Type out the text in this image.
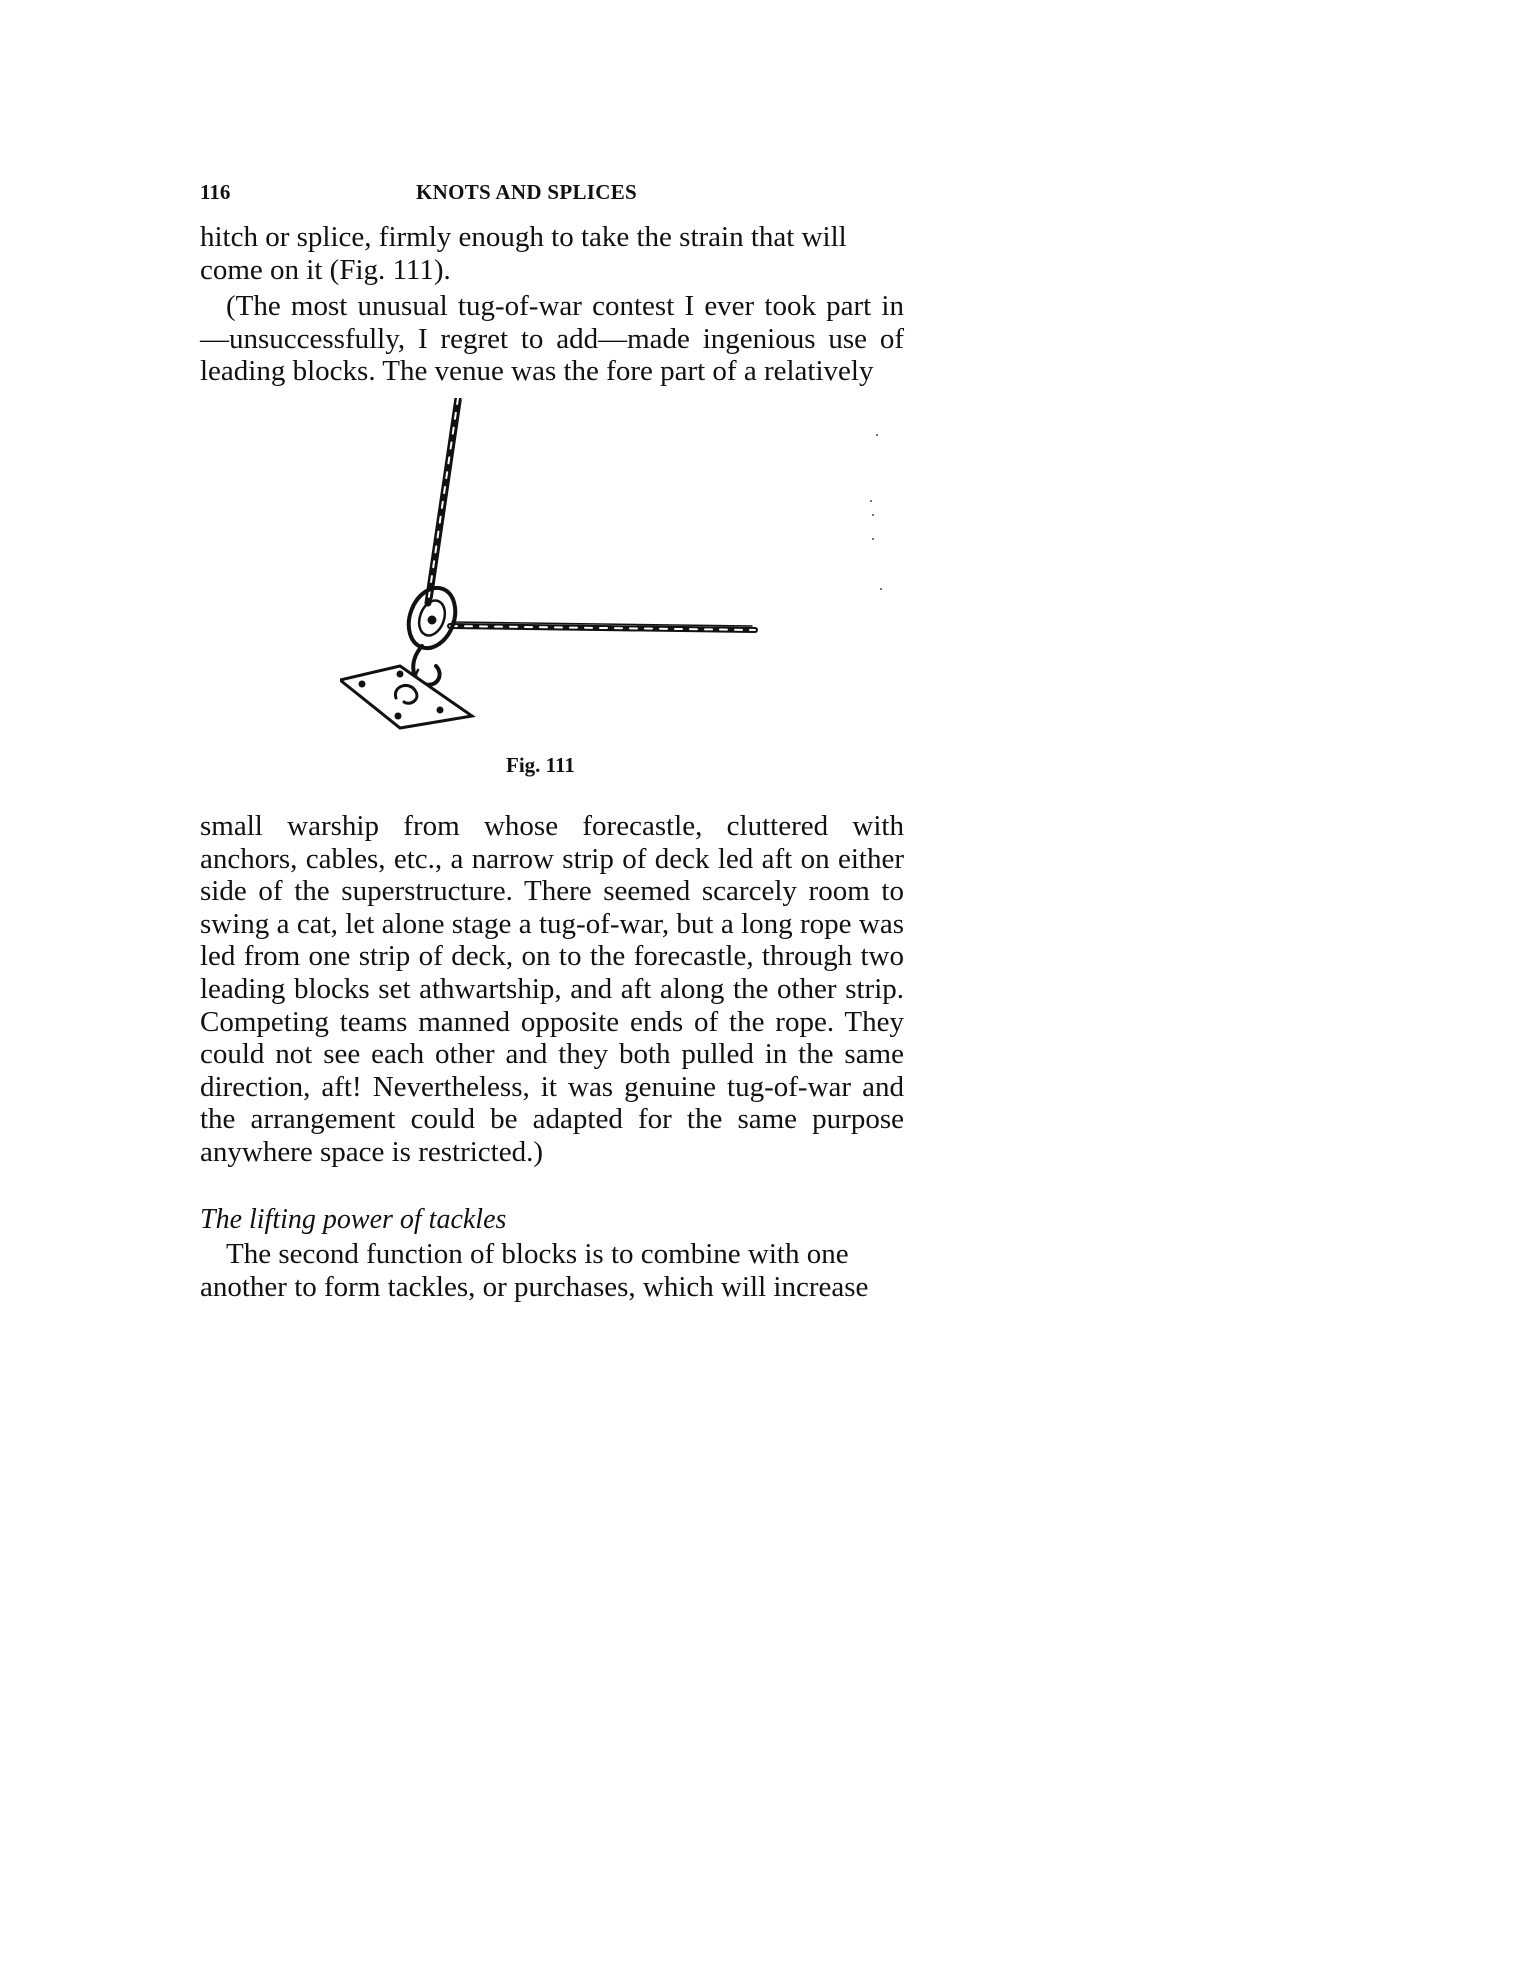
116	KNOTS AND SPLICES

hitch or splice, firmly enough to take the strain that will come on it (Fig. 111).

(The most unusual tug-of-war contest I ever took part in —unsuccessfully, I regret to add—made ingenious use of leading blocks. The venue was the fore part of a relatively

Fig. 111

small warship from whose forecastle, cluttered with anchors, cables, etc., a narrow strip of deck led aft on either side of the superstructure. There seemed scarcely room to swing a cat, let alone stage a tug-of-war, but a long rope was led from one strip of deck, on to the forecastle, through two leading blocks set athwartship, and aft along the other strip. Competing teams manned opposite ends of the rope. They could not see each other and they both pulled in the same direction, aft! Nevertheless, it was genuine tug-of-war and the arrangement could be adapted for the same purpose anywhere space is restricted.)

The lifting power of tackles

The second function of blocks is to combine with one another to form tackles, or purchases, which will increase
